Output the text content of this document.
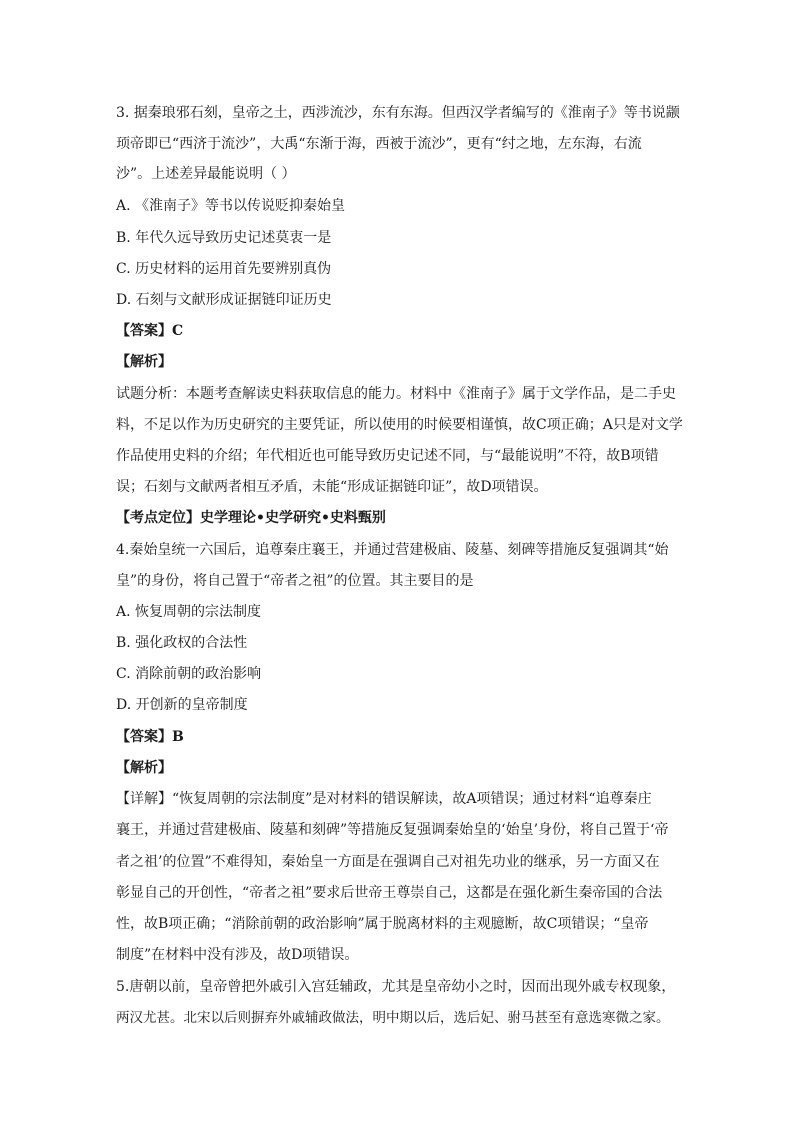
3. 据秦琅邪石刻，皇帝之土，西涉流沙，东有东海。但西汉学者编写的《淮南子》等书说颛
顼帝即已“西济于流沙”，大禹“东渐于海，西被于流沙”，更有“纣之地，左东海，右流
沙”。上述差异最能说明（ ）
A. 《淮南子》等书以传说贬抑秦始皇
B. 年代久远导致历史记述莫衷一是
C. 历史材料的运用首先要辨别真伪
D. 石刻与文献形成证据链印证历史
【答案】C
【解析】
试题分析：本题考查解读史料获取信息的能力。材料中《淮南子》属于文学作品，是二手史
料，不足以作为历史研究的主要凭证，所以使用的时候要相谨慎，故C项正确；A只是对文学
作品使用史料的介绍；年代相近也可能导致历史记述不同，与“最能说明”不符，故B项错
误；石刻与文献两者相互矛盾，未能“形成证据链印证”，故D项错误。
【考点定位】史学理论•史学研究•史料甄别
4.秦始皇统一六国后，追尊秦庄襄王，并通过营建极庙、陵墓、刻碑等措施反复强调其“始
皇”的身份，将自己置于“帝者之祖”的位置。其主要目的是
A. 恢复周朝的宗法制度
B. 强化政权的合法性
C. 消除前朝的政治影响
D. 开创新的皇帝制度
【答案】B
【解析】
【详解】“恢复周朝的宗法制度”是对材料的错误解读，故A项错误；通过材料“追尊秦庄
襄王，并通过营建极庙、陵墓和刻碑”等措施反复强调秦始皇的‘始皇’身份，将自己置于‘帝
者之祖’的位置”不难得知，秦始皇一方面是在强调自己对祖先功业的继承，另一方面又在
彰显自己的开创性，“帝者之祖”要求后世帝王尊崇自己，这都是在强化新生秦帝国的合法
性，故B项正确；“消除前朝的政治影响”属于脱离材料的主观臆断，故C项错误；“皇帝
制度”在材料中没有涉及，故D项错误。
5.唐朝以前，皇帝曾把外戚引入宫廷辅政，尤其是皇帝幼小之时，因而出现外戚专权现象，
两汉尤甚。北宋以后则摒弃外戚辅政做法，明中期以后，选后妃、驸马甚至有意选寒微之家。
